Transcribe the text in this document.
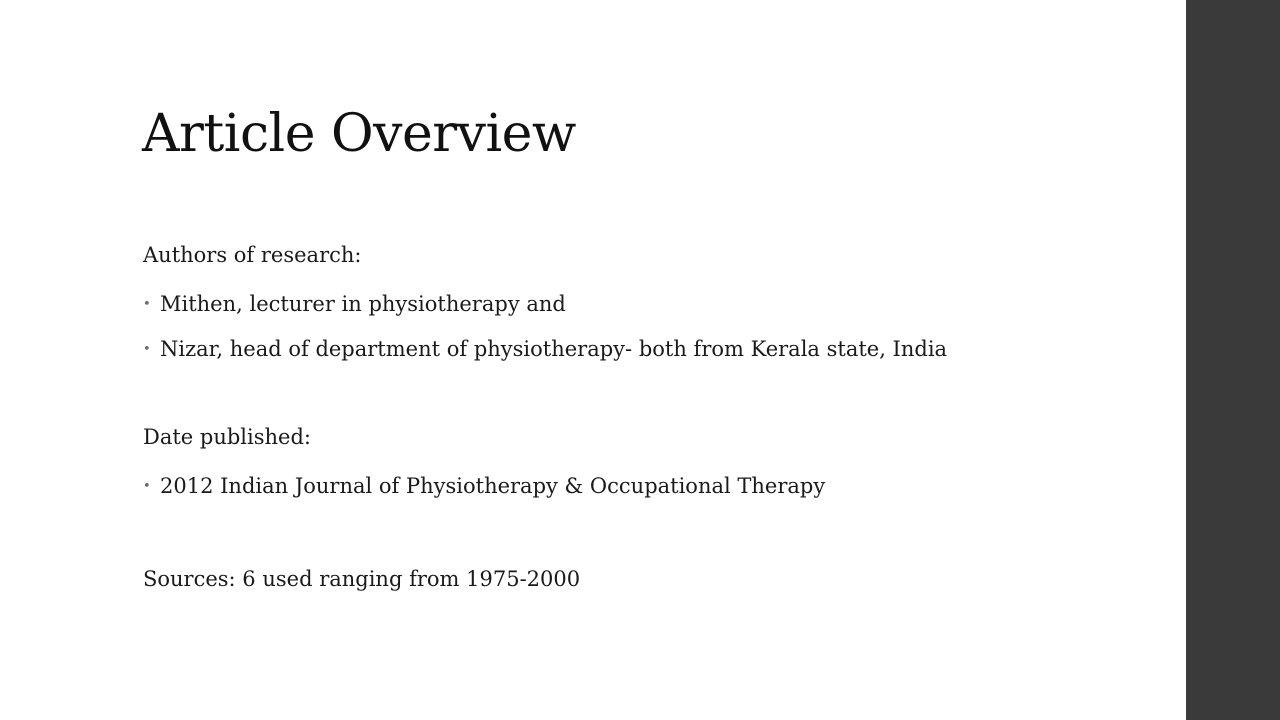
Article Overview

Authors of research:

• Mithen, lecturer in physiotherapy and
• Nizar, head of department of physiotherapy- both from Kerala state, India

Date published:

• 2012 Indian Journal of Physiotherapy & Occupational Therapy

Sources: 6 used ranging from 1975-2000
